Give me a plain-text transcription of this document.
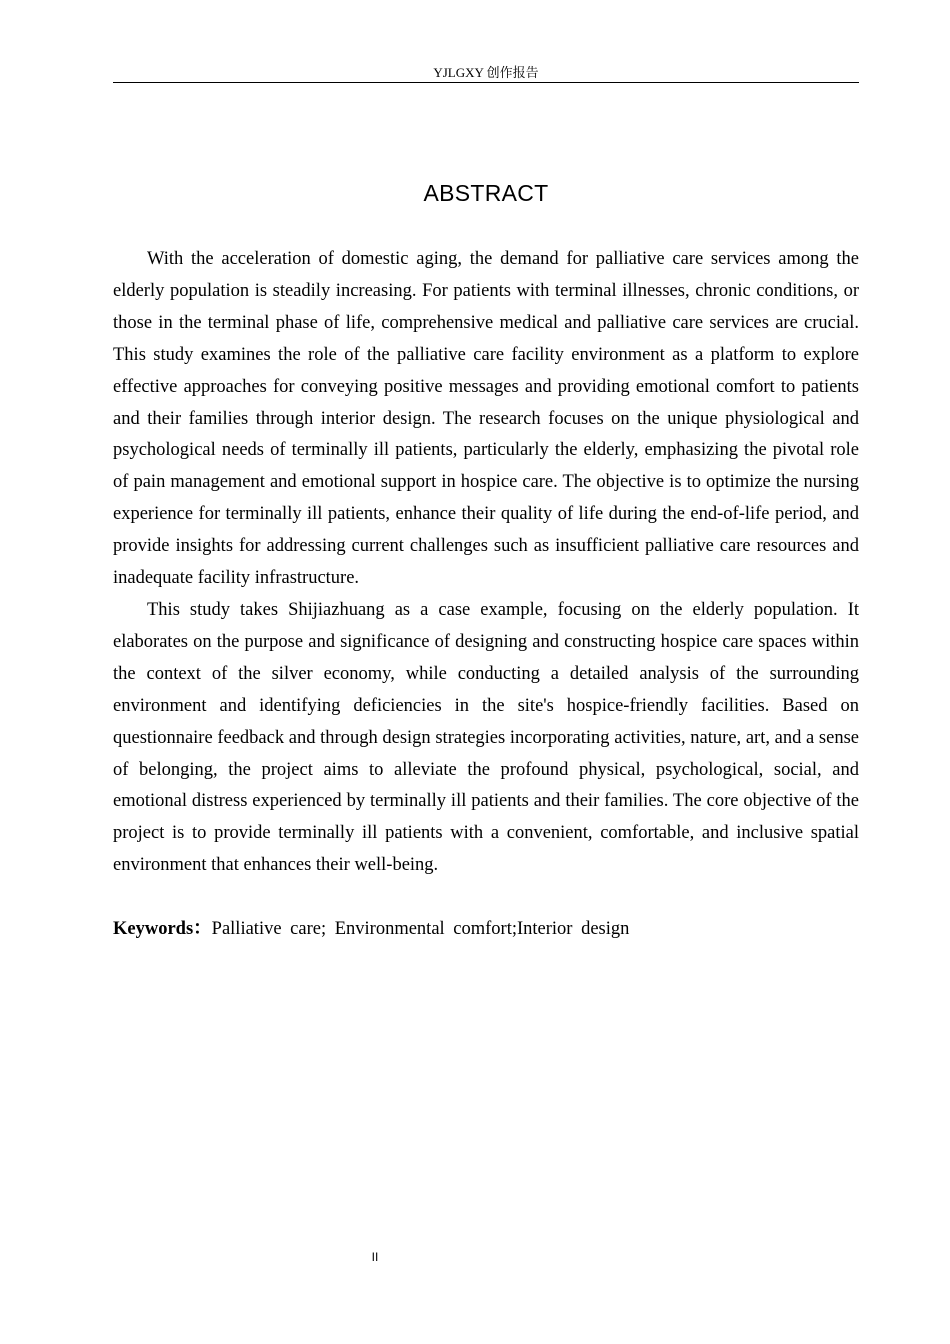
YJLGXY 创作报告
ABSTRACT

With the acceleration of domestic aging, the demand for palliative care services among the elderly population is steadily increasing. For patients with terminal illnesses, chronic conditions, or those in the terminal phase of life, comprehensive medical and palliative care services are crucial. This study examines the role of the palliative care facility environment as a platform to explore effective approaches for conveying positive messages and providing emotional comfort to patients and their families through interior design. The research focuses on the unique physiological and psychological needs of terminally ill patients, particularly the elderly, emphasizing the pivotal role of pain management and emotional support in hospice care. The objective is to optimize the nursing experience for terminally ill patients, enhance their quality of life during the end-of-life period, and provide insights for addressing current challenges such as insufficient palliative care resources and inadequate facility infrastructure.

This study takes Shijiazhuang as a case example, focusing on the elderly population. It elaborates on the purpose and significance of designing and constructing hospice care spaces within the context of the silver economy, while conducting a detailed analysis of the surrounding environment and identifying deficiencies in the site's hospice-friendly facilities. Based on questionnaire feedback and through design strategies incorporating activities, nature, art, and a sense of belonging, the project aims to alleviate the profound physical, psychological, social, and emotional distress experienced by terminally ill patients and their families. The core objective of the project is to provide terminally ill patients with a convenient, comfortable, and inclusive spatial environment that enhances their well-being.

Keywords：Palliative care; Environmental comfort;Interior design
II
